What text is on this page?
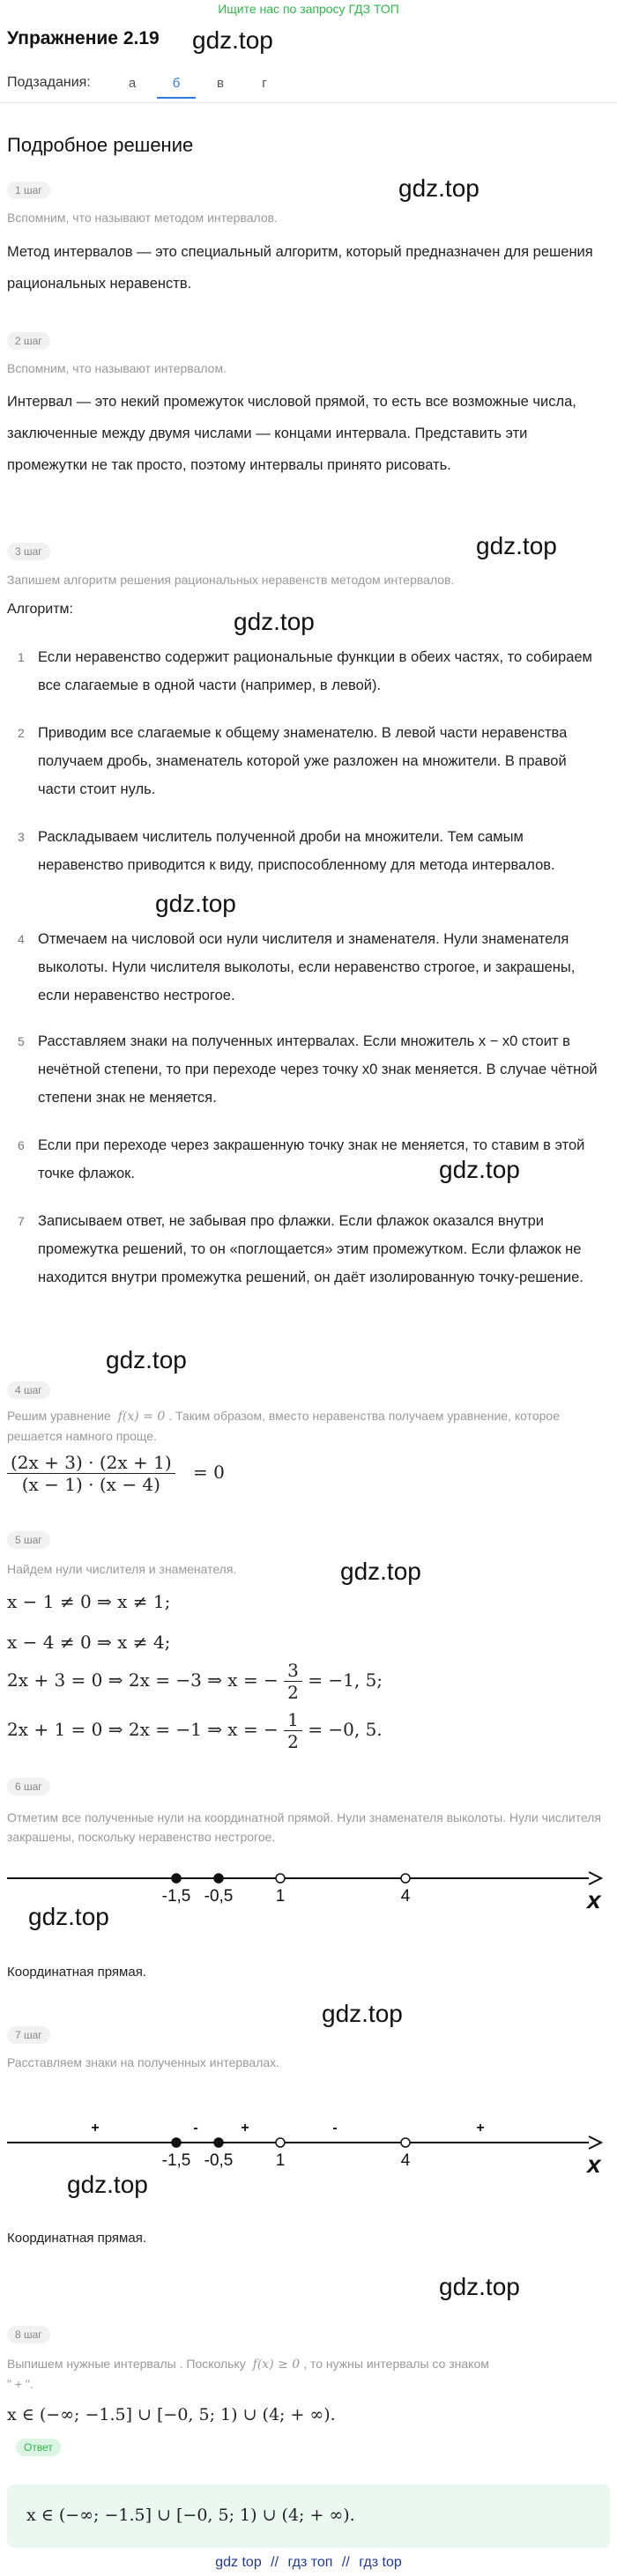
Ищите нас по запросу ГДЗ ТОП
Упражнение 2.19 gdz.top
Подзадания:	а	б	в	г
Подробное решение
gdz.top
1 шаг
Вспомним, что называют методом интервалов.
Метод интервалов — это специальный алгоритм, который предназначен для решения рациональных неравенств.
2 шаг
Вспомним, что называют интервалом.
Интервал — это некий промежуток числовой прямой, то есть все возможные числа, заключенные между двумя числами — концами интервала. Представить эти промежутки не так просто, поэтому интервалы принято рисовать.
gdz.top
3 шаг
Запишем алгоритм решения рациональных неравенств методом интервалов.
Алгоритм:	gdz.top
1 Если неравенство содержит рациональные функции в обеих частях, то собираем все слагаемые в одной части (например, в левой).
2 Приводим все слагаемые к общему знаменателю. В левой части неравенства получаем дробь, знаменатель которой уже разложен на множители. В правой части стоит нуль.
3 Раскладываем числитель полученной дроби на множители. Тем самым неравенство приводится к виду, приспособленному для метода интервалов.
gdz.top
4 Отмечаем на числовой оси нули числителя и знаменателя. Нули знаменателя выколоты. Нули числителя выколоты, если неравенство строгое, и закрашены, если неравенство нестрогое.
5 Расставляем знаки на полученных интервалах. Если множитель x − x0 стоит в нечётной степени, то при переходе через точку x0 знак меняется. В случае чётной степени знак не меняется.
6 Если при переходе через закрашенную точку знак не меняется, то ставим в этой точке флажок.	gdz.top
7 Записываем ответ, не забывая про флажки. Если флажок оказался внутри промежутка решений, то он «поглощается» этим промежутком. Если флажок не находится внутри промежутка решений, он даёт изолированную точку-решение.
gdz.top
4 шаг
Решим уравнение f(x) = 0 . Таким образом, вместо неравенства получаем уравнение, которое решается намного проще.
$\frac{(2x + 3) \cdot (2x + 1)}{(x - 1) \cdot (x - 4)} = 0$
5 шаг
Найдем нули числителя и знаменателя.	gdz.top
x − 1 ≠ 0 ⇒ x ≠ 1;
x − 4 ≠ 0 ⇒ x ≠ 4;
2x + 3 = 0 ⇒ 2x = −3 ⇒ x = − $\frac{3}{2} = -1$, 5;
2x + 1 = 0 ⇒ 2x = −1 ⇒ x = − $\frac{1}{2} = -0$, 5.
6 шаг
Отметим все полученные нули на координатной прямой. Нули знаменателя выколоты. Нули числителя закрашены, поскольку неравенство нестрогое.
x
-1,5 -0,5	1	4
gdz.top
Координатная прямая.
gdz.top
7 шаг
Расставляем знаки на полученных интервалах.
x
-1,5 -0,5	1	4
+	-	+	-	+
gdz.top
Координатная прямая.
gdz.top
8 шаг
Выпишем нужные интервалы . Поскольку f(x) ≥ 0 , то нужны интервалы со знаком
" + ".
x ∈ (−∞; −1.5] ∪ [−0, 5; 1) ∪ (4; + ∞).
Ответ
x ∈ (−∞; −1.5] ∪ [−0, 5; 1) ∪ (4; + ∞).
gdz top // гдз топ // гдз top
